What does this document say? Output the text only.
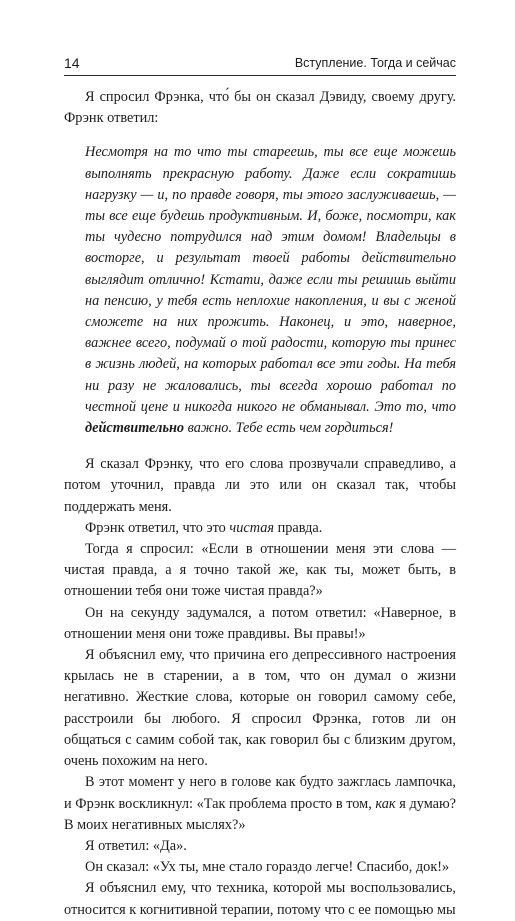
14	Вступление. Тогда и сейчас

Я спросил Фрэнка, что́ бы он сказал Дэвиду, своему другу. Фрэнк ответил:

Несмотря на то что ты стареешь, ты все еще можешь выполнять прекрасную работу. Даже если сократишь нагрузку — и, по правде говоря, ты этого заслуживаешь, — ты все еще будешь продуктивным. И, боже, посмотри, как ты чудесно потрудился над этим домом! Владельцы в восторге, и результат твоей работы действительно выглядит отлично! Кстати, даже если ты решишь выйти на пенсию, у тебя есть неплохие накопления, и вы с женой сможете на них прожить. Наконец, и это, наверное, важнее всего, подумай о той радости, которую ты принес в жизнь людей, на которых работал все эти годы. На тебя ни разу не жаловались, ты всегда хорошо работал по честной цене и никогда никого не обманывал. Это то, что действительно важно. Тебе есть чем гордиться!

Я сказал Фрэнку, что его слова прозвучали справедливо, а потом уточнил, правда ли это или он сказал так, чтобы поддержать меня.

Фрэнк ответил, что это чистая правда.

Тогда я спросил: «Если в отношении меня эти слова — чистая правда, а я точно такой же, как ты, может быть, в отношении тебя они тоже чистая правда?»

Он на секунду задумался, а потом ответил: «Наверное, в отношении меня они тоже правдивы. Вы правы!»

Я объяснил ему, что причина его депрессивного настроения крылась не в старении, а в том, что он думал о жизни негативно. Жесткие слова, которые он говорил самому себе, расстроили бы любого. Я спросил Фрэнка, готов ли он общаться с самим собой так, как говорил бы с близким другом, очень похожим на него.

В этот момент у него в голове как будто зажглась лампочка, и Фрэнк воскликнул: «Так проблема просто в том, как я думаю? В моих негативных мыслях?»

Я ответил: «Да».

Он сказал: «Ух ты, мне стало гораздо легче! Спасибо, док!»

Я объяснил ему, что техника, которой мы воспользовались, относится к когнитивной терапии, потому что с ее помощью мы
